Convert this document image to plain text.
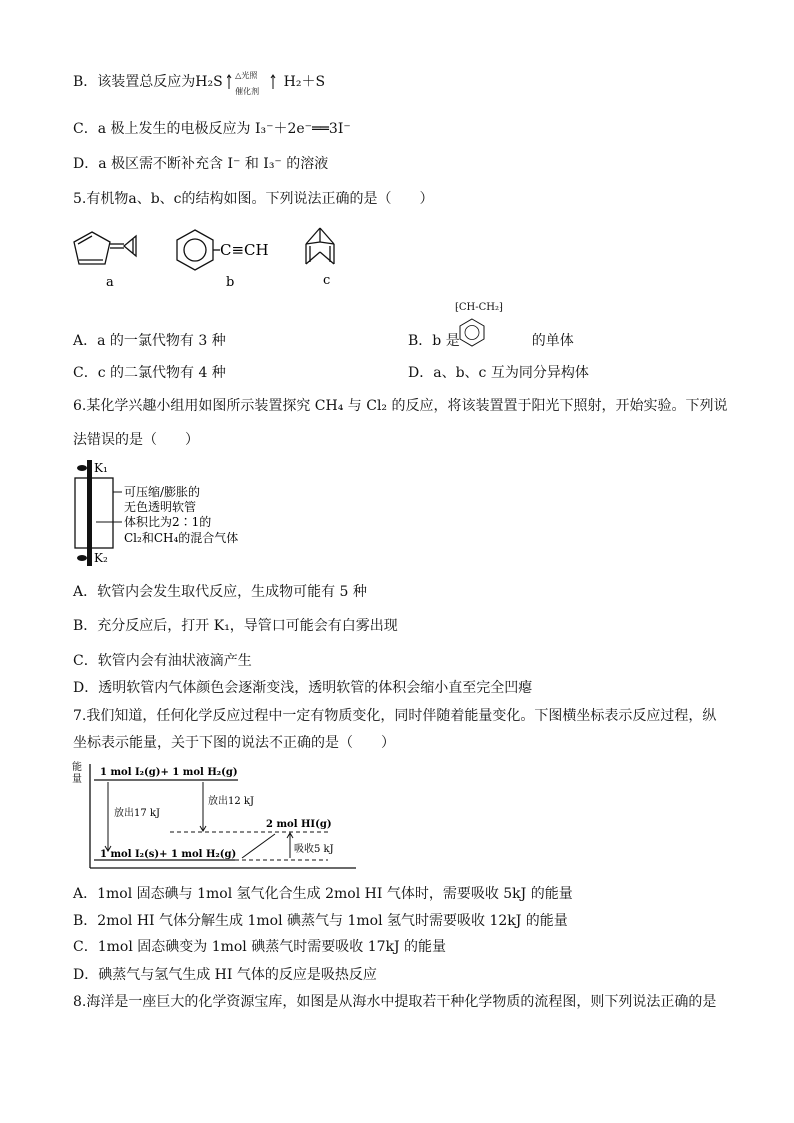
B．该装置总反应为H₂S △光照
催化剂
H₂＋S
C．a 极上发生的电极反应为 I₃⁻＋2e⁻══3I⁻
D．a 极区需不断补充含 I⁻ 和 I₃⁻ 的溶液
5.有机物a、b、c的结构如图。下列说法正确的是（　　）
a
C≡CH
b	c
⁅CH-CH₂⁆
A．a 的一氯代物有 3 种	B．b 是	的单体
C．c 的二氯代物有 4 种	D．a、b、c 互为同分异构体
6.某化学兴趣小组用如图所示装置探究 CH₄ 与 Cl₂ 的反应，将该装置置于阳光下照射，开始实验。下列说
法错误的是（　　）
K₁
K₂
可压缩/膨胀的
无色透明软管
体积比为2∶1的
Cl₂和CH₄的混合气体
A．软管内会发生取代反应，生成物可能有 5 种
B．充分反应后，打开 K₁，导管口可能会有白雾出现
C．软管内会有油状液滴产生
D．透明软管内气体颜色会逐渐变浅，透明软管的体积会缩小直至完全凹瘪
7.我们知道，任何化学反应过程中一定有物质变化，同时伴随着能量变化。下图横坐标表示反应过程，纵
坐标表示能量，关于下图的说法不正确的是（　　）
能
量
1 mol I₂(g)+ 1 mol H₂(g)
2 mol HI(g)
1 mol I₂(s)+ 1 mol H₂(g)
放出17 kJ
放出12 kJ
吸收5 kJ
A．1mol 固态碘与 1mol 氢气化合生成 2mol HI 气体时，需要吸收 5kJ 的能量
B．2mol HI 气体分解生成 1mol 碘蒸气与 1mol 氢气时需要吸收 12kJ 的能量
C．1mol 固态碘变为 1mol 碘蒸气时需要吸收 17kJ 的能量
D．碘蒸气与氢气生成 HI 气体的反应是吸热反应
8.海洋是一座巨大的化学资源宝库，如图是从海水中提取若干种化学物质的流程图，则下列说法正确的是
